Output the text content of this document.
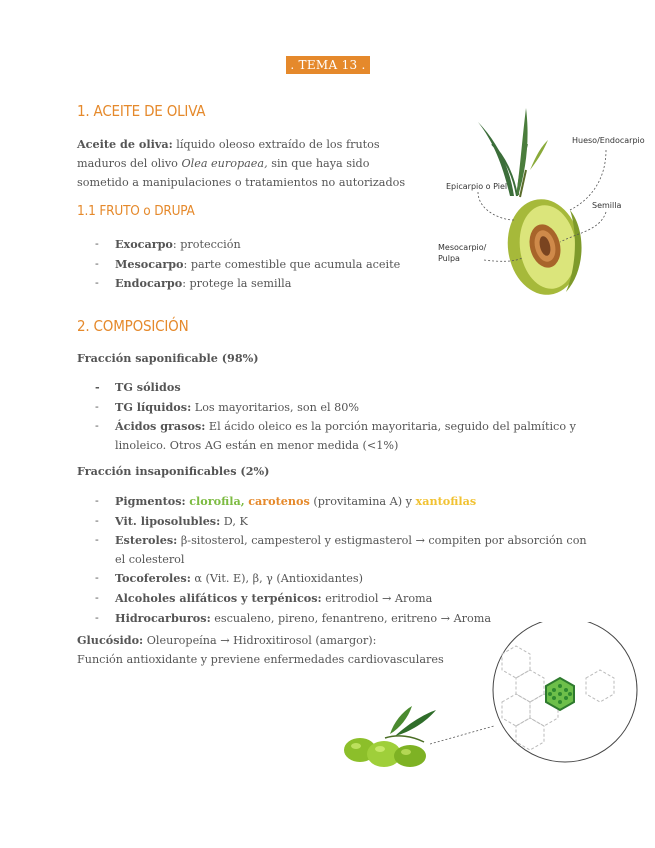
. TEMA 13 .
1. ACEITE DE OLIVA
Aceite de oliva: líquido oleoso extraído de los frutos
maduros del olivo Olea europaea, sin que haya sido
sometido a manipulaciones o tratamientos no autorizados
1.1 FRUTO o DRUPA
- Exocarpo: protección
- Mesocarpo: parte comestible que acumula aceite
- Endocarpo: protege la semilla
Hueso/Endocarpio
Epicarpio o Piel
Semilla
Mesocarpio/
Pulpa
2. COMPOSICIÓN
Fracción saponificable (98%)
- TG sólidos
- TG líquidos: Los mayoritarios, son el 80%
- Ácidos grasos: El ácido oleico es la porción mayoritaria, seguido del palmítico y
linoleico. Otros AG están en menor medida (<1%)
Fracción insaponificables (2%)
- Pigmentos: clorofila, carotenos (provitamina A) y xantofilas
- Vit. liposolubles: D, K
- Esteroles: β-sitosterol, campesterol y estigmasterol → compiten por absorción con
el colesterol
- Tocoferoles: α (Vit. E), β, γ (Antioxidantes)
- Alcoholes alifáticos y terpénicos: eritrodiol → Aroma
- Hidrocarburos: escualeno, pireno, fenantreno, eritreno → Aroma
Glucósido: Oleuropeína → Hidroxitirosol (amargor):
Función antioxidante y previene enfermedades cardiovasculares
